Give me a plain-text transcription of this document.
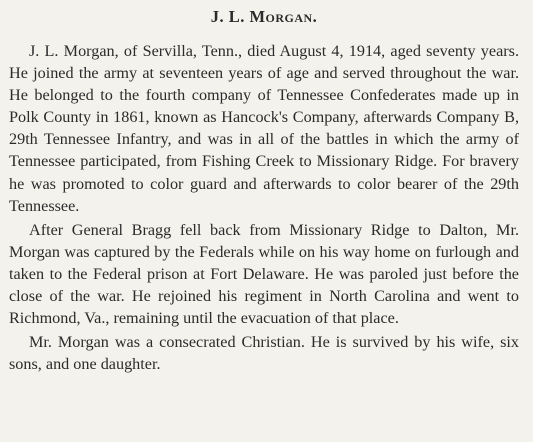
J. L. Morgan.

J. L. Morgan, of Servilla, Tenn., died August 4, 1914, aged seventy years. He joined the army at seventeen years of age and served throughout the war. He belonged to the fourth company of Tennessee Confederates made up in Polk County in 1861, known as Hancock's Company, afterwards Company B, 29th Tennessee Infantry, and was in all of the battles in which the army of Tennessee participated, from Fishing Creek to Missionary Ridge. For bravery he was promoted to color guard and afterwards to color bearer of the 29th Tennessee.

After General Bragg fell back from Missionary Ridge to Dalton, Mr. Morgan was captured by the Federals while on his way home on furlough and taken to the Federal prison at Fort Delaware. He was paroled just before the close of the war. He rejoined his regiment in North Carolina and went to Richmond, Va., remaining until the evacuation of that place.

Mr. Morgan was a consecrated Christian. He is survived by his wife, six sons, and one daughter.
